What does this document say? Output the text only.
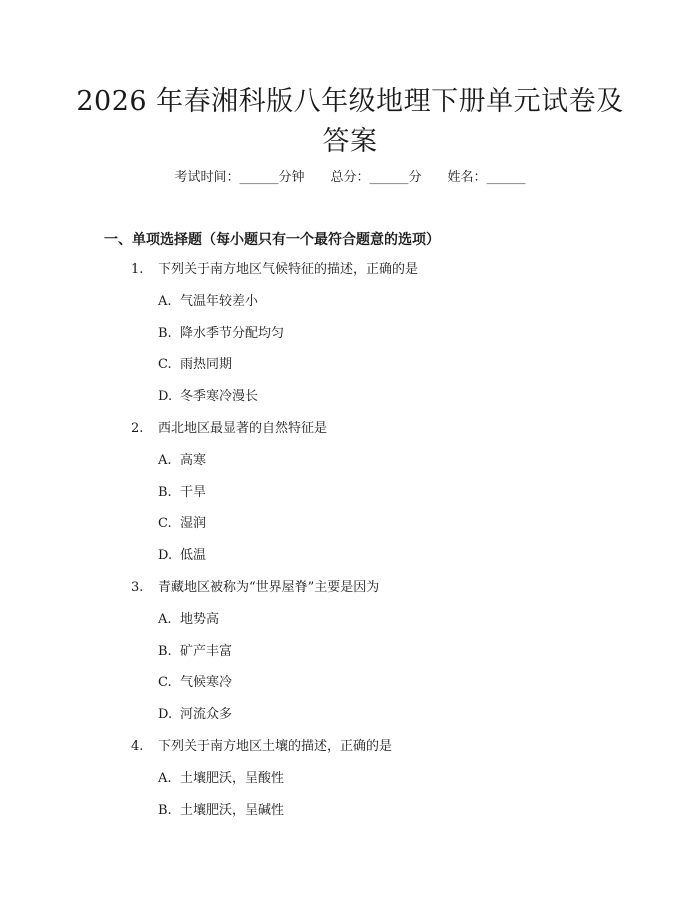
2026 年春湘科版八年级地理下册单元试卷及
答案
考试时间：______分钟 总分：______分 姓名：______
一、单项选择题（每小题只有一个最符合题意的选项）
1. 下列关于南方地区气候特征的描述，正确的是
A. 气温年较差小
B. 降水季节分配均匀
C. 雨热同期
D. 冬季寒冷漫长
2. 西北地区最显著的自然特征是
A. 高寒
B. 干旱
C. 湿润
D. 低温
3. 青藏地区被称为“世界屋脊”主要是因为
A. 地势高
B. 矿产丰富
C. 气候寒冷
D. 河流众多
4. 下列关于南方地区土壤的描述，正确的是
A. 土壤肥沃，呈酸性
B. 土壤肥沃，呈碱性
